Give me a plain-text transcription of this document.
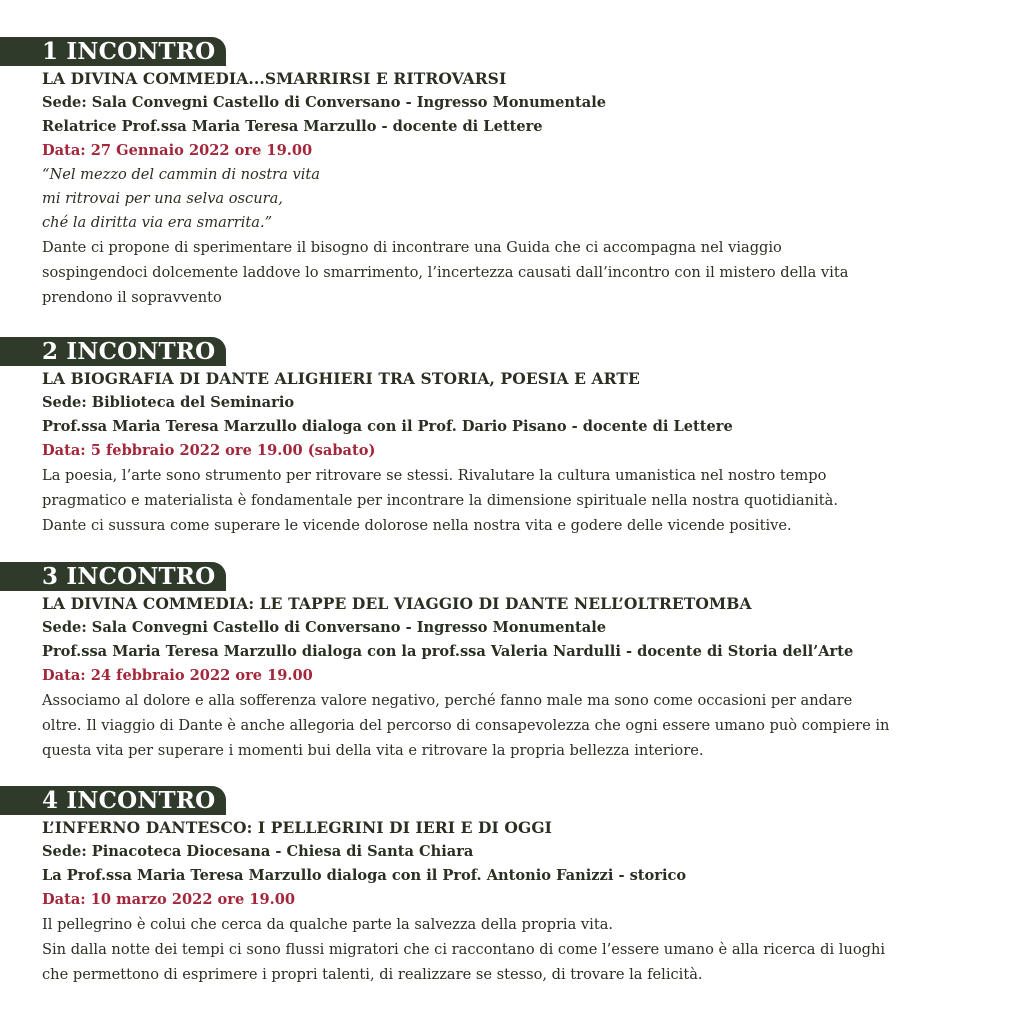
1 INCONTRO
LA DIVINA COMMEDIA...SMARRIRSI E RITROVARSI
Sede: Sala Convegni Castello di Conversano - Ingresso Monumentale
Relatrice Prof.ssa Maria Teresa Marzullo - docente di Lettere
Data: 27 Gennaio 2022 ore 19.00
“Nel mezzo del cammin di nostra vita
mi ritrovai per una selva oscura,
ché la diritta via era smarrita.”
Dante ci propone di sperimentare il bisogno di incontrare una Guida che ci accompagna nel viaggio
sospingendoci dolcemente laddove lo smarrimento, l’incertezza causati dall’incontro con il mistero della vita
prendono il sopravvento
2 INCONTRO
LA BIOGRAFIA DI DANTE ALIGHIERI TRA STORIA, POESIA E ARTE
Sede: Biblioteca del Seminario
Prof.ssa Maria Teresa Marzullo dialoga con il Prof. Dario Pisano - docente di Lettere
Data: 5 febbraio 2022 ore 19.00 (sabato)
La poesia, l’arte sono strumento per ritrovare se stessi. Rivalutare la cultura umanistica nel nostro tempo
pragmatico e materialista è fondamentale per incontrare la dimensione spirituale nella nostra quotidianità.
Dante ci sussura come superare le vicende dolorose nella nostra vita e godere delle vicende positive.
3 INCONTRO
LA DIVINA COMMEDIA: LE TAPPE DEL VIAGGIO DI DANTE NELL’OLTRETOMBA
Sede: Sala Convegni Castello di Conversano - Ingresso Monumentale
Prof.ssa Maria Teresa Marzullo dialoga con la prof.ssa Valeria Nardulli - docente di Storia dell’Arte
Data: 24 febbraio 2022 ore 19.00
Associamo al dolore e alla sofferenza valore negativo, perché fanno male ma sono come occasioni per andare
oltre. Il viaggio di Dante è anche allegoria del percorso di consapevolezza che ogni essere umano può compiere in
questa vita per superare i momenti bui della vita e ritrovare la propria bellezza interiore.
4 INCONTRO
L’INFERNO DANTESCO: I PELLEGRINI DI IERI E DI OGGI
Sede: Pinacoteca Diocesana - Chiesa di Santa Chiara
La Prof.ssa Maria Teresa Marzullo dialoga con il Prof. Antonio Fanizzi - storico
Data: 10 marzo 2022 ore 19.00
Il pellegrino è colui che cerca da qualche parte la salvezza della propria vita.
Sin dalla notte dei tempi ci sono flussi migratori che ci raccontano di come l’essere umano è alla ricerca di luoghi
che permettono di esprimere i propri talenti, di realizzare se stesso, di trovare la felicità.
